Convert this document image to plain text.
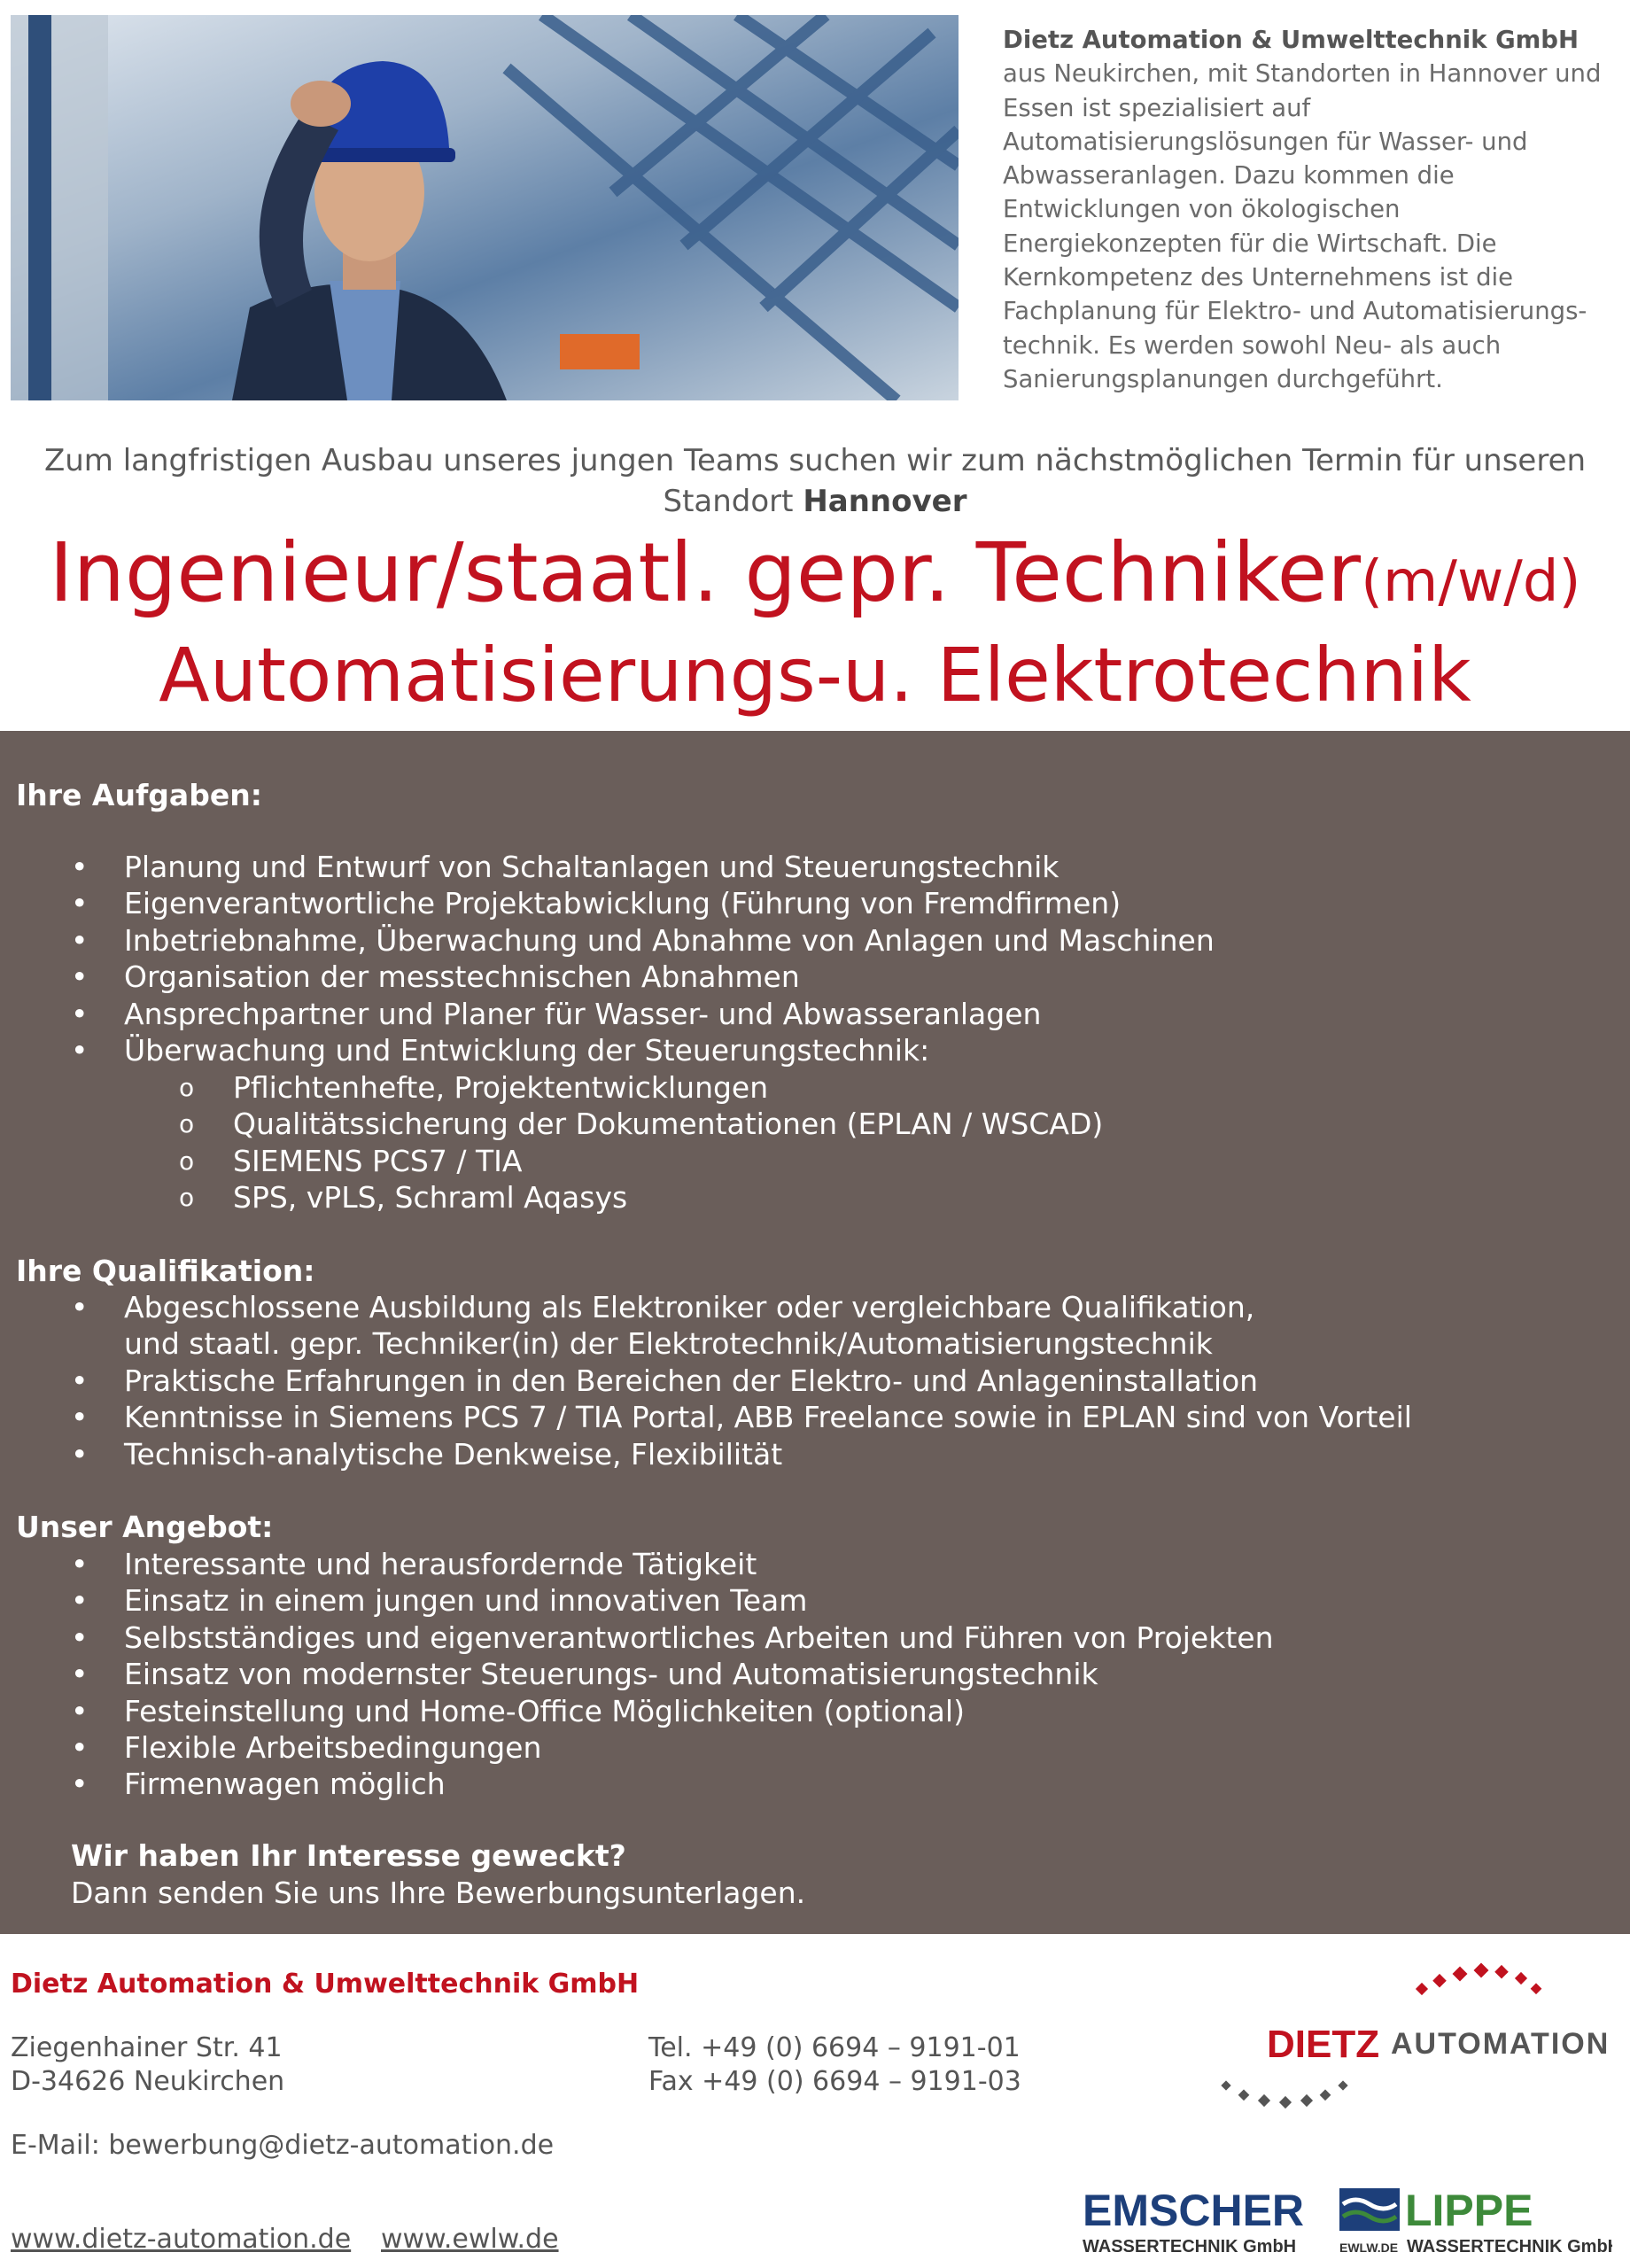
Dietz Automation & Umwelttechnik GmbH aus Neukirchen, mit Standorten in Hannover und Essen ist spezialisiert auf Automatisierungslösungen für Wasser- und Abwasseranlagen. Dazu kommen die Entwicklungen von ökologischen Energiekonzepten für die Wirtschaft. Die Kernkompetenz des Unternehmens ist die Fachplanung für Elektro- und Automatisierungs-technik. Es werden sowohl Neu- als auch Sanierungsplanungen durchgeführt.
Zum langfristigen Ausbau unseres jungen Teams suchen wir zum nächstmöglichen Termin für unseren Standort Hannover
Ingenieur/staatl. gepr. Techniker(m/w/d)
Automatisierungs-u. Elektrotechnik
Ihre Aufgaben:
• Planung und Entwurf von Schaltanlagen und Steuerungstechnik
• Eigenverantwortliche Projektabwicklung (Führung von Fremdfirmen)
• Inbetriebnahme, Überwachung und Abnahme von Anlagen und Maschinen
• Organisation der messtechnischen Abnahmen
• Ansprechpartner und Planer für Wasser- und Abwasseranlagen
• Überwachung und Entwicklung der Steuerungstechnik:
o Pflichtenhefte, Projektentwicklungen
o Qualitätssicherung der Dokumentationen (EPLAN / WSCAD)
o SIEMENS PCS7 / TIA
o SPS, vPLS, Schraml Aqasys
Ihre Qualifikation:
• Abgeschlossene Ausbildung als Elektroniker oder vergleichbare Qualifikation,
und staatl. gepr. Techniker(in) der Elektrotechnik/Automatisierungstechnik
• Praktische Erfahrungen in den Bereichen der Elektro- und Anlageninstallation
• Kenntnisse in Siemens PCS 7 / TIA Portal, ABB Freelance sowie in EPLAN sind von Vorteil
• Technisch-analytische Denkweise, Flexibilität
Unser Angebot:
• Interessante und herausfordernde Tätigkeit
• Einsatz in einem jungen und innovativen Team
• Selbstständiges und eigenverantwortliches Arbeiten und Führen von Projekten
• Einsatz von modernster Steuerungs- und Automatisierungstechnik
• Festeinstellung und Home-Office Möglichkeiten (optional)
• Flexible Arbeitsbedingungen
• Firmenwagen möglich
Wir haben Ihr Interesse geweckt?
Dann senden Sie uns Ihre Bewerbungsunterlagen.
Dietz Automation & Umwelttechnik GmbH
Ziegenhainer Str. 41
D-34626 Neukirchen
Tel. +49 (0) 6694 – 9191-01
Fax +49 (0) 6694 – 9191-03
E-Mail: bewerbung@dietz-automation.de
www.dietz-automation.de www.ewlw.de
DIETZ AUTOMATION
EMSCHER LIPPE
WASSERTECHNIK GmbH	EWLW.DE WASSERTECHNIK GmbH
